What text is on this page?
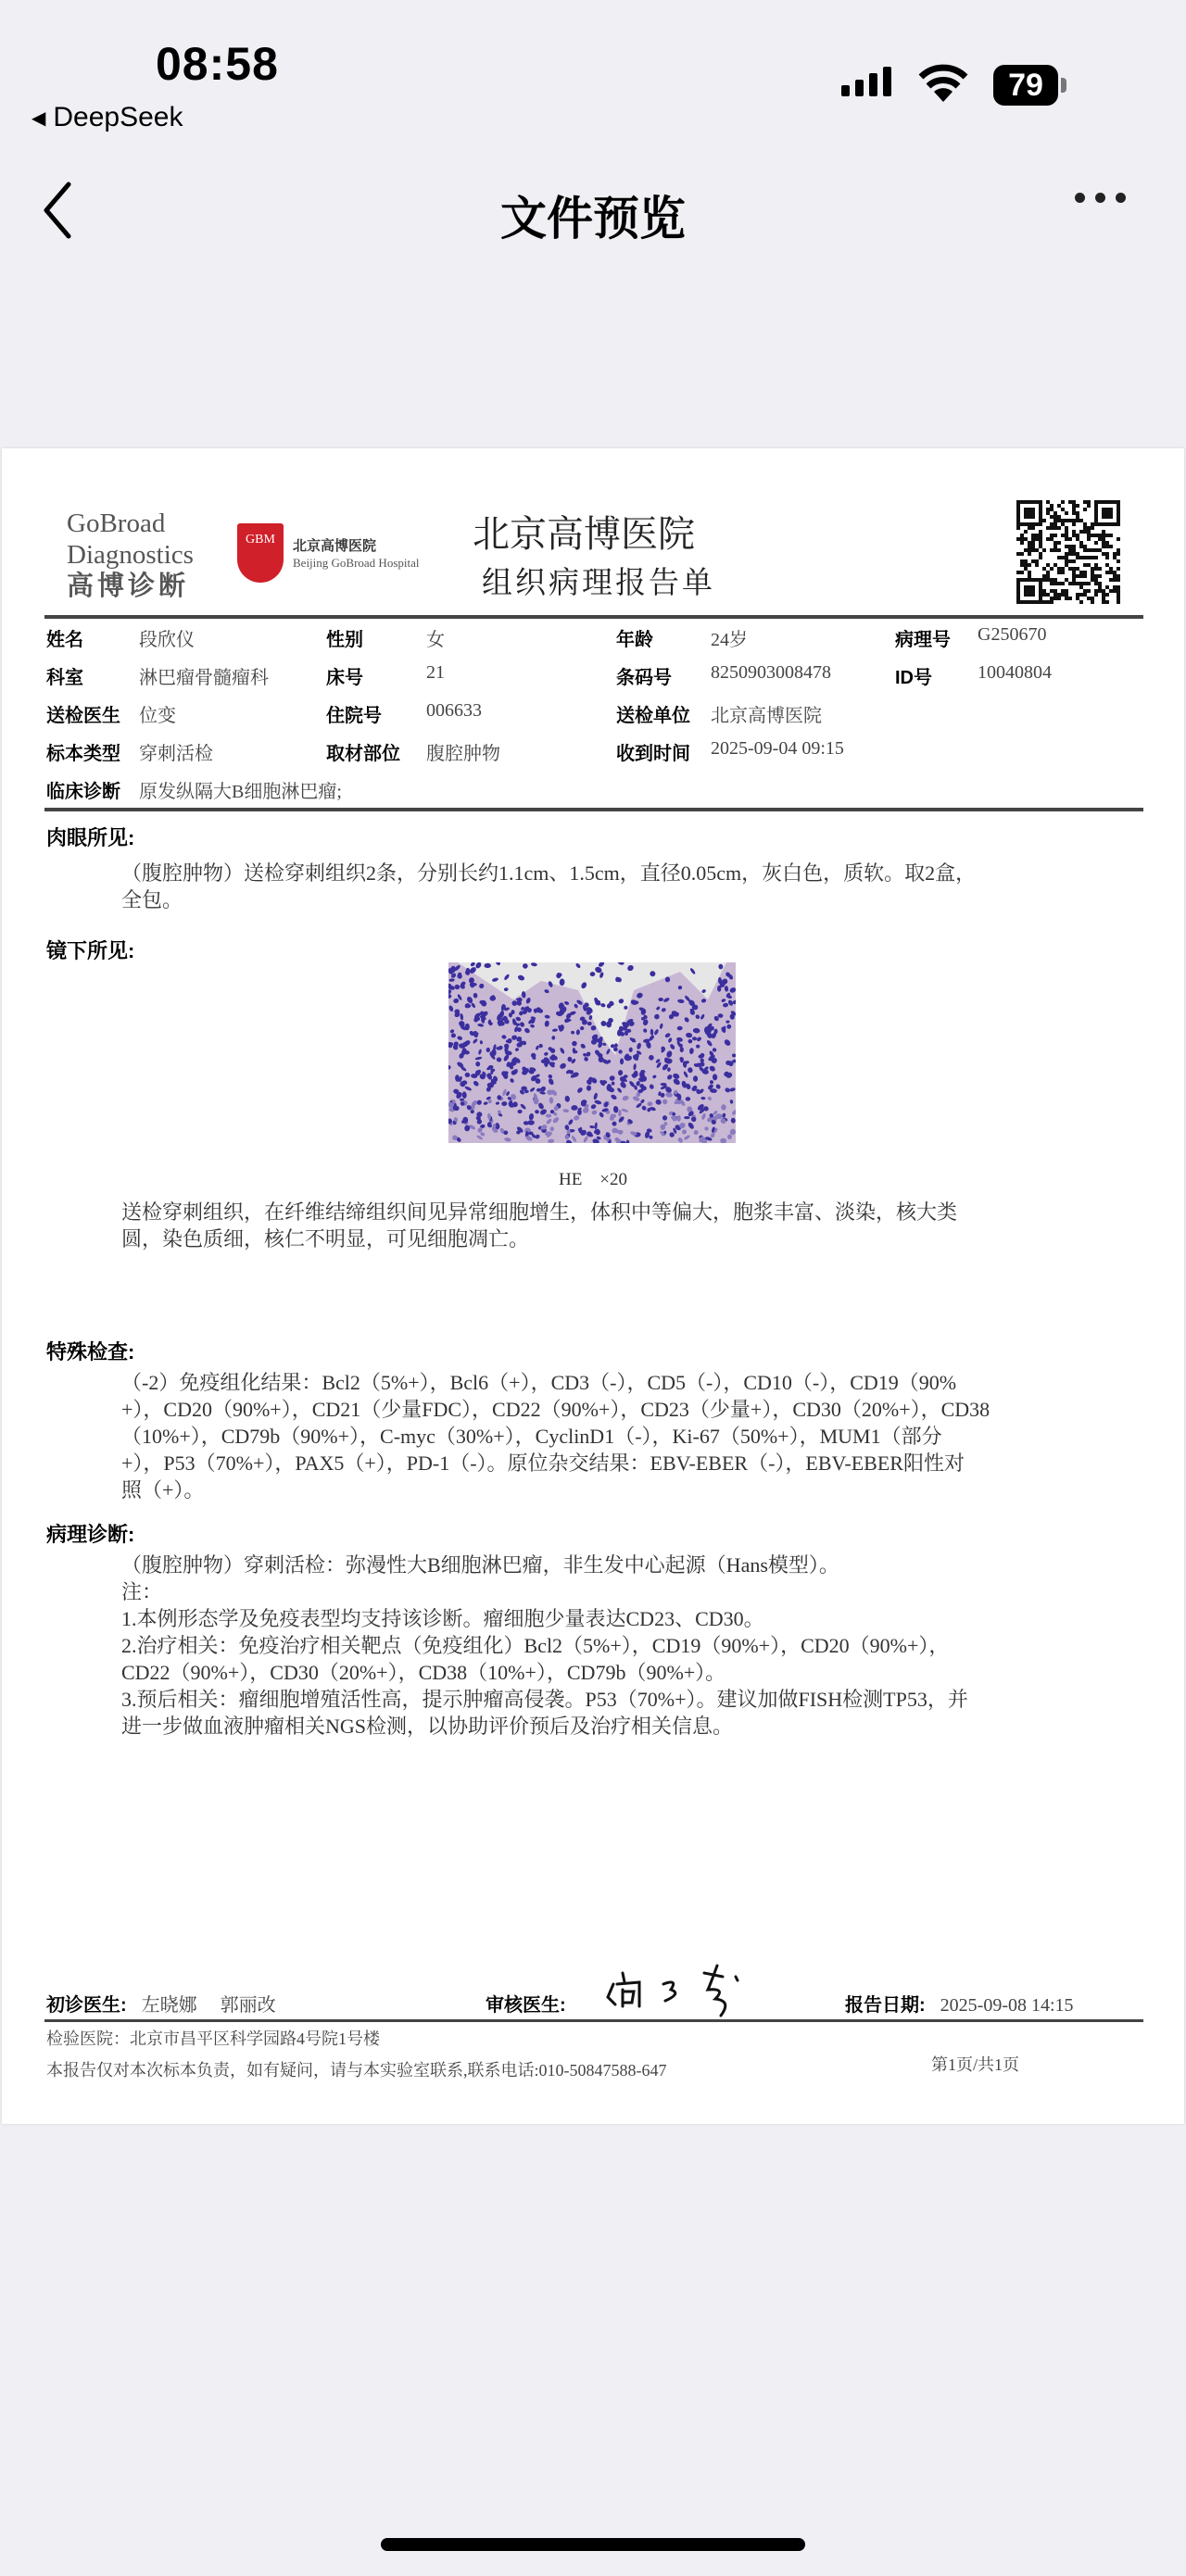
08:58
◀ DeepSeek
79
文件预览
GoBroad
Diagnostics
高博诊断
GBM	北京高博医院
Beijing GoBroad Hospital
北京高博医院
组织病理报告单
姓名	段欣仪	性别	女	年龄	24岁	病理号 G250670
科室	淋巴瘤骨髓瘤科	床号	21	条码号 8250903008478	ID号 10040804
送检医生 位变	住院号 006633	送检单位 北京高博医院
标本类型 穿刺活检	取材部位 腹腔肿物	收到时间 2025-09-04 09:15
临床诊断 原发纵隔大B细胞淋巴瘤;
肉眼所见:
（腹腔肿物）送检穿刺组织2条，分别长约1.1cm、1.5cm，直径0.05cm，灰白色，质软。取2盒，
全包。
镜下所见:
HE　×20
送检穿刺组织，在纤维结缔组织间见异常细胞增生，体积中等偏大，胞浆丰富、淡染，核大类
圆，染色质细，核仁不明显，可见细胞凋亡。
特殊检查:
（-2）免疫组化结果：Bcl2（5%+），Bcl6（+），CD3（-），CD5（-），CD10（-），CD19（90%
+），CD20（90%+），CD21（少量FDC），CD22（90%+），CD23（少量+），CD30（20%+），CD38
（10%+），CD79b（90%+），C-myc（30%+），CyclinD1（-），Ki-67（50%+），MUM1（部分
+），P53（70%+），PAX5（+），PD-1（-）。原位杂交结果：EBV-EBER（-），EBV-EBER阳性对
照（+）。
病理诊断:
（腹腔肿物）穿刺活检：弥漫性大B细胞淋巴瘤，非生发中心起源（Hans模型）。
注：
1.本例形态学及免疫表型均支持该诊断。瘤细胞少量表达CD23、CD30。
2.治疗相关：免疫治疗相关靶点（免疫组化）Bcl2（5%+），CD19（90%+），CD20（90%+），
CD22（90%+），CD30（20%+），CD38（10%+），CD79b（90%+）。
3.预后相关：瘤细胞增殖活性高，提示肿瘤高侵袭。P53（70%+）。建议加做FISH检测TP53，并
进一步做血液肿瘤相关NGS检测，以协助评价预后及治疗相关信息。
初诊医生: 左晓娜　 郭丽改	审核医生:	报告日期: 2025-09-08 14:15
检验医院：北京市昌平区科学园路4号院1号楼
本报告仅对本次标本负责，如有疑问，请与本实验室联系,联系电话:010-50847588-647	第1页/共1页
